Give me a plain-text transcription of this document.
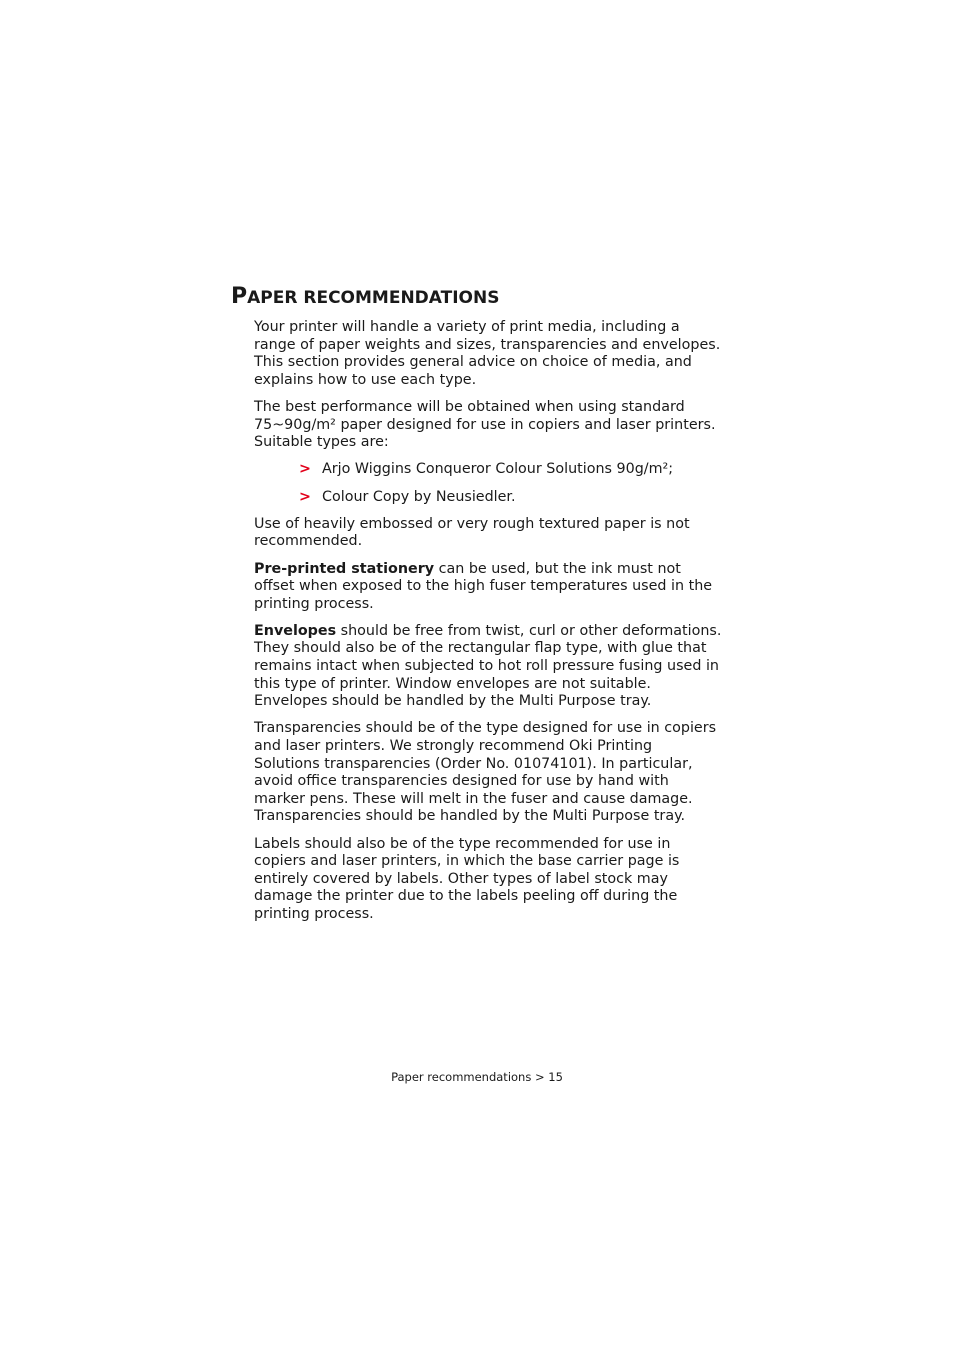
PAPER RECOMMENDATIONS

Your printer will handle a variety of print media, including a range of paper weights and sizes, transparencies and envelopes. This section provides general advice on choice of media, and explains how to use each type.

The best performance will be obtained when using standard 75~90g/m² paper designed for use in copiers and laser printers. Suitable types are:

> Arjo Wiggins Conqueror Colour Solutions 90g/m²;
> Colour Copy by Neusiedler.

Use of heavily embossed or very rough textured paper is not recommended.

Pre-printed stationery can be used, but the ink must not offset when exposed to the high fuser temperatures used in the printing process.

Envelopes should be free from twist, curl or other deformations. They should also be of the rectangular flap type, with glue that remains intact when subjected to hot roll pressure fusing used in this type of printer. Window envelopes are not suitable. Envelopes should be handled by the Multi Purpose tray.

Transparencies should be of the type designed for use in copiers and laser printers. We strongly recommend Oki Printing Solutions transparencies (Order No. 01074101). In particular, avoid office transparencies designed for use by hand with marker pens. These will melt in the fuser and cause damage. Transparencies should be handled by the Multi Purpose tray.

Labels should also be of the type recommended for use in copiers and laser printers, in which the base carrier page is entirely covered by labels. Other types of label stock may damage the printer due to the labels peeling off during the printing process.

Paper recommendations > 15
